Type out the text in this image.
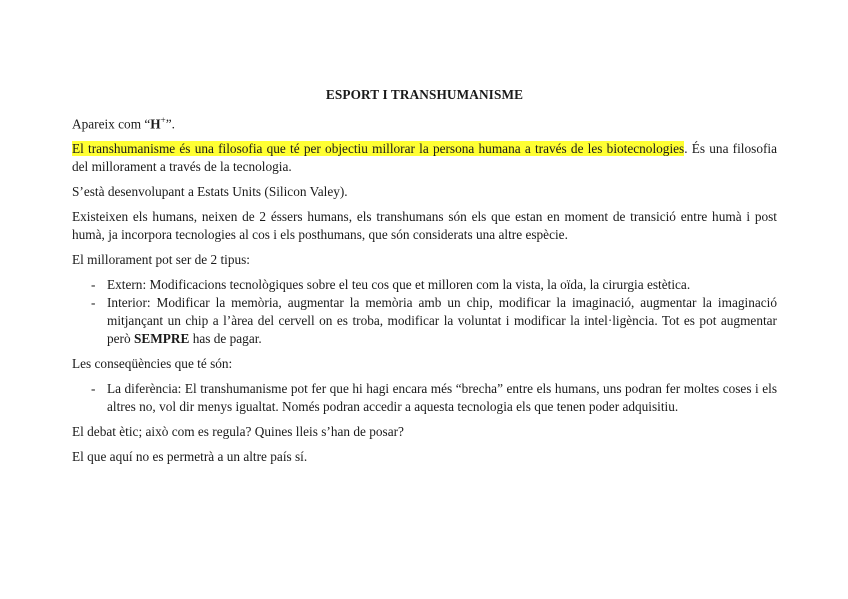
ESPORT I TRANSHUMANISME

Apareix com “H+”.

El transhumanisme és una filosofia que té per objectiu millorar la persona humana a través de les biotecnologies. És una filosofia del millorament a través de la tecnologia.

S’està desenvolupant a Estats Units (Silicon Valey).

Existeixen els humans, neixen de 2 éssers humans, els transhumans són els que estan en moment de transició entre humà i post humà, ja incorpora tecnologies al cos i els posthumans, que són considerats una altre espècie.

El millorament pot ser de 2 tipus:

- Extern: Modificacions tecnològiques sobre el teu cos que et milloren com la vista, la oïda, la cirurgia estètica.
- Interior: Modificar la memòria, augmentar la memòria amb un chip, modificar la imaginació, augmentar la imaginació mitjançant un chip a l’àrea del cervell on es troba, modificar la voluntat i modificar la intel·ligència. Tot es pot augmentar però SEMPRE has de pagar.

Les conseqüències que té són:

- La diferència: El transhumanisme pot fer que hi hagi encara més “brecha” entre els humans, uns podran fer moltes coses i els altres no, vol dir menys igualtat. Només podran accedir a aquesta tecnologia els que tenen poder adquisitiu.

El debat ètic; això com es regula? Quines lleis s’han de posar?

El que aquí no es permetrà a un altre país sí.
